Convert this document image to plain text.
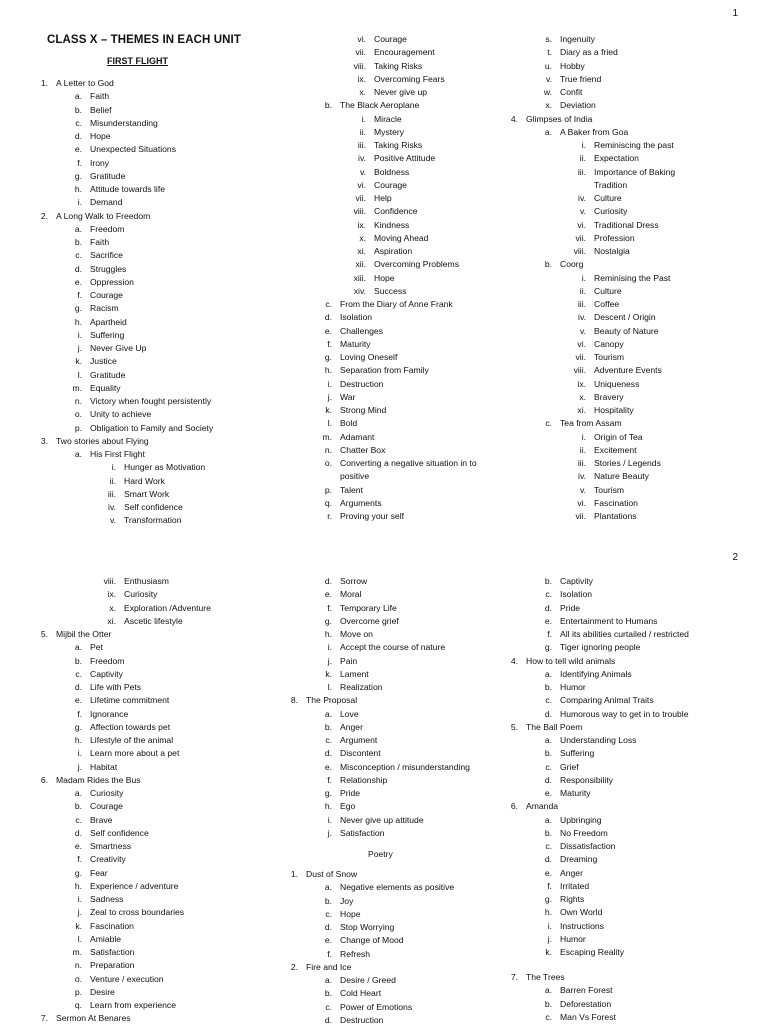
1
CLASS X – THEMES IN EACH UNIT
FIRST FLIGHT
1. A Letter to God
a. Faith
b. Belief
c. Misunderstanding
d. Hope
e. Unexpected Situations
f. Irony
g. Gratitude
h. Attitude towards life
i. Demand
2. A Long Walk to Freedom
a. Freedom
b. Faith
c. Sacrifice
d. Struggles
e. Oppression
f. Courage
g. Racism
h. Apartheid
i. Suffering
j. Never Give Up
k. Justice
l. Gratitude
m. Equality
n. Victory when fought persistently
o. Unity to achieve
p. Obligation to Family and Society
3. Two stories about Flying
a. His First Flight
i. Hunger as Motivation
ii. Hard Work
iii. Smart Work
iv. Self confidence
v. Transformation
vi. Courage
vii. Encouragement
viii. Taking Risks
ix. Overcoming Fears
x. Never give up
b. The Black Aeroplane
i. Miracle
ii. Mystery
iii. Taking Risks
iv. Positive Attitude
v. Boldness
vi. Courage
vii. Help
viii. Confidence
ix. Kindness
x. Moving Ahead
xi. Aspiration
xii. Overcoming Problems
xiii. Hope
xiv. Success
c. From the Diary of Anne Frank
d. Isolation
e. Challenges
f. Maturity
g. Loving Oneself
h. Separation from Family
i. Destruction
j. War
k. Strong Mind
l. Bold
m. Adamant
n. Chatter Box
o. Converting a negative situation in to
positive
p. Talent
q. Arguments
r. Proving your self
s. Ingenuity
t. Diary as a fried
u. Hobby
v. True friend
w. Confit
x. Deviation
4. Glimpses of India
a. A Baker from Goa
i. Reminiscing the past
ii. Expectation
iii. Importance of Baking
Tradition
iv. Culture
v. Curiosity
vi. Traditional Dress
vii. Profession
viii. Nostalgia
b. Coorg
i. Reminising the Past
ii. Culture
iii. Coffee
iv. Descent / Origin
v. Beauty of Nature
vi. Canopy
vii. Tourism
viii. Adventure Events
ix. Uniqueness
x. Bravery
xi. Hospitality
c. Tea from Assam
i. Origin of Tea
ii. Excitement
iii. Stories / Legends
iv. Nature Beauty
v. Tourism
vi. Fascination
vii. Plantations
2
viii. Enthusiasm
ix. Curiosity
x. Exploration /Adventure
xi. Ascetic lifestyle
5. Mijbil the Otter
a. Pet
b. Freedom
c. Captivity
d. Life with Pets
e. Lifetime commitment
f. Ignorance
g. Affection towards pet
h. Lifestyle of the animal
i. Learn more about a pet
j. Habitat
6. Madam Rides the Bus
a. Curiosity
b. Courage
c. Brave
d. Self confidence
e. Smartness
f. Creativity
g. Fear
h. Experience / adventure
i. Sadness
j. Zeal to cross boundaries
k. Fascination
l. Amiable
m. Satisfaction
n. Preparation
o. Venture / execution
p. Desire
q. Learn from experience
7. Sermon At Benares
d. Sorrow
e. Moral
f. Temporary Life
g. Overcome grief
h. Move on
i. Accept the course of nature
j. Pain
k. Lament
l. Realization
8. The Proposal
a. Love
b. Anger
c. Argument
d. Discontent
e. Misconception / misunderstanding
f. Relationship
g. Pride
h. Ego
i. Never give up attitude
j. Satisfaction
Poetry
1. Dust of Snow
a. Negative elements as positive
b. Joy
c. Hope
d. Stop Worrying
e. Change of Mood
f. Refresh
2. Fire and Ice
a. Desire / Greed
b. Cold Heart
c. Power of Emotions
d. Destruction
b. Captivity
c. Isolation
d. Pride
e. Entertainment to Humans
f. All its abilities curtailed / restricted
g. Tiger ignoring people
4. How to tell wild animals
a. Identifying Animals
b. Humor
c. Comparing Animal Traits
d. Humorous way to get in to trouble
5. The Ball Poem
a. Understanding Loss
b. Suffering
c. Grief
d. Responsibility
e. Maturity
6. Amanda
a. Upbringing
b. No Freedom
c. Dissatisfaction
d. Dreaming
e. Anger
f. Irritated
g. Rights
h. Own World
i. Instructions
j. Humor
k. Escaping Reality
7. The Trees
a. Barren Forest
b. Deforestation
c. Man Vs Forest
